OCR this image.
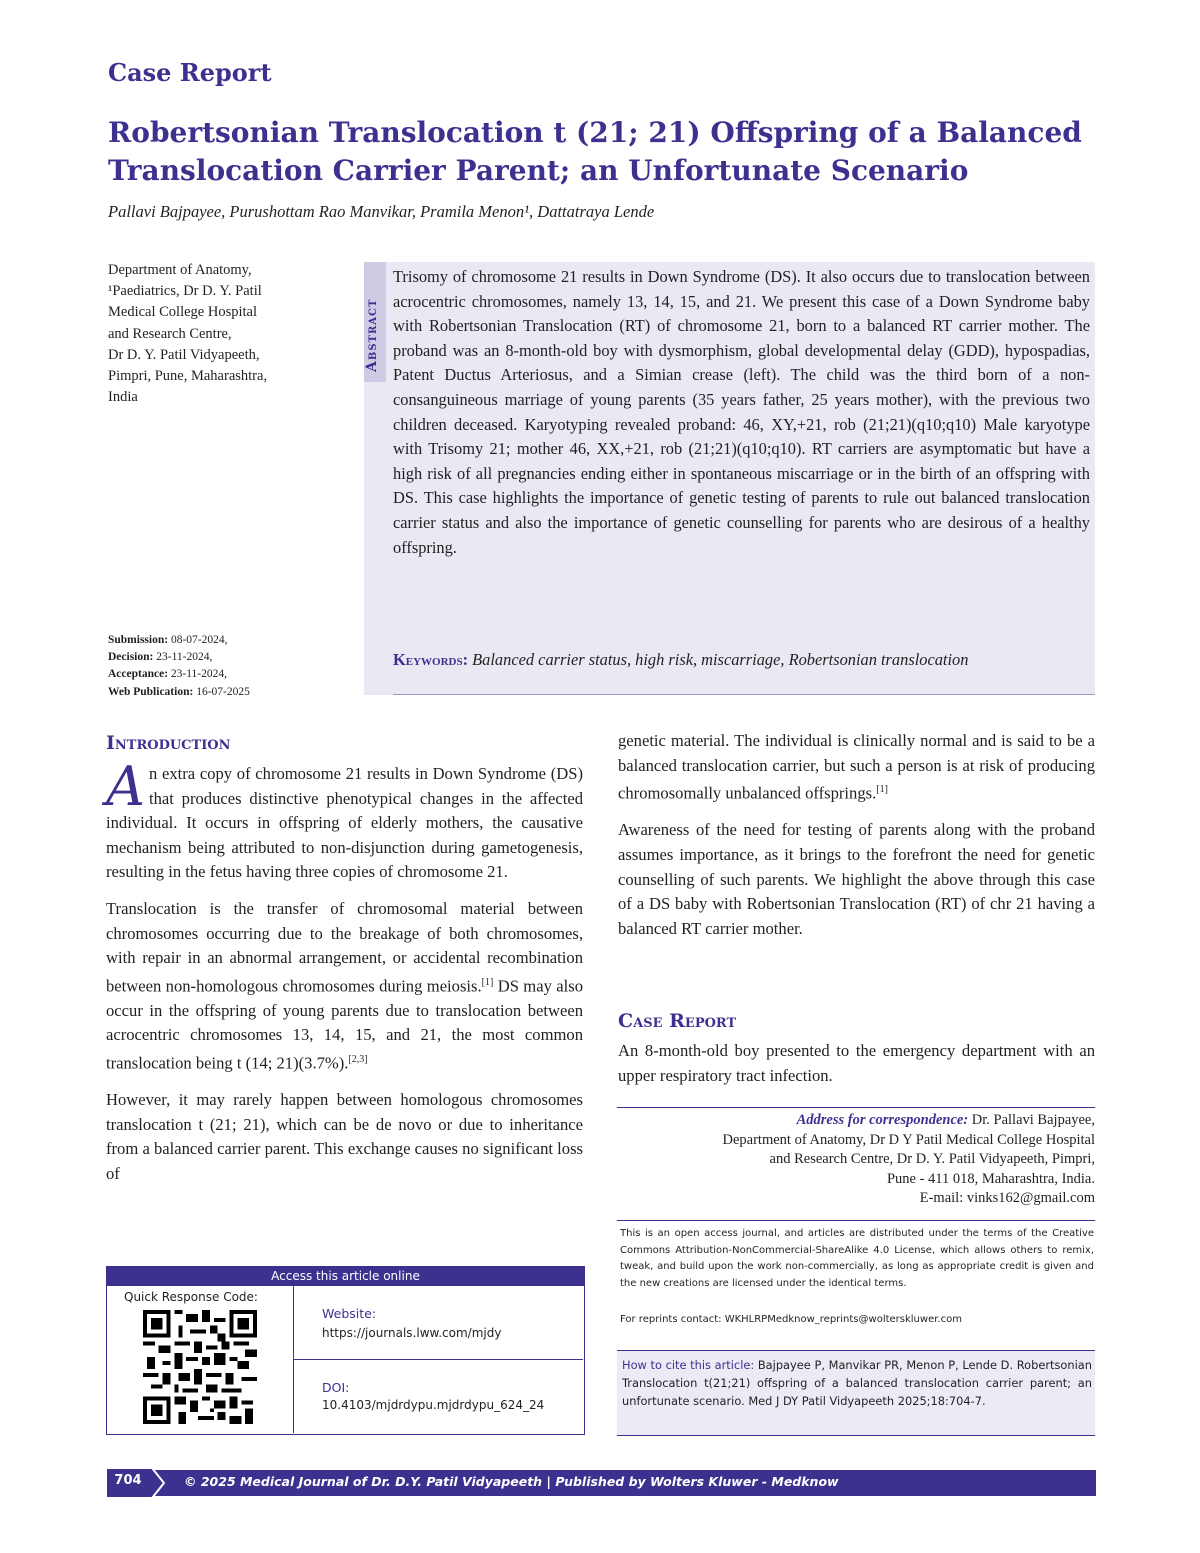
Case Report
Robertsonian Translocation t (21; 21) Offspring of a Balanced
Translocation Carrier Parent; an Unfortunate Scenario
Pallavi Bajpayee, Purushottam Rao Manvikar, Pramila Menon¹, Dattatraya Lende
Department of Anatomy,
¹Paediatrics, Dr D. Y. Patil
Medical College Hospital
and Research Centre,
Dr D. Y. Patil Vidyapeeth,
Pimpri, Pune, Maharashtra,
India
Submission: 08-07-2024,
Decision: 23-11-2024,
Acceptance: 23-11-2024,
Web Publication: 16-07-2025
Abstract
Trisomy of chromosome 21 results in Down Syndrome (DS). It also occurs due to translocation between acrocentric chromosomes, namely 13, 14, 15, and 21. We present this case of a Down Syndrome baby with Robertsonian Translocation (RT) of chromosome 21, born to a balanced RT carrier mother. The proband was an 8-month-old boy with dysmorphism, global developmental delay (GDD), hypospadias, Patent Ductus Arteriosus, and a Simian crease (left). The child was the third born of a non-consanguineous marriage of young parents (35 years father, 25 years mother), with the previous two children deceased. Karyotyping revealed proband: 46, XY,+21, rob (21;21)(q10;q10) Male karyotype with Trisomy 21; mother 46, XX,+21, rob (21;21)(q10;q10). RT carriers are asymptomatic but have a high risk of all pregnancies ending either in spontaneous miscarriage or in the birth of an offspring with DS. This case highlights the importance of genetic testing of parents to rule out balanced translocation carrier status and also the importance of genetic counselling for parents who are desirous of a healthy offspring.
Keywords: Balanced carrier status, high risk, miscarriage, Robertsonian translocation
Introduction

An extra copy of chromosome 21 results in Down Syndrome (DS) that produces distinctive phenotypical changes in the affected individual. It occurs in offspring of elderly mothers, the causative mechanism being attributed to non-disjunction during gametogenesis, resulting in the fetus having three copies of chromosome 21.

Translocation is the transfer of chromosomal material between chromosomes occurring due to the breakage of both chromosomes, with repair in an abnormal arrangement, or accidental recombination between non-homologous chromosomes during meiosis.[1] DS may also occur in the offspring of young parents due to translocation between acrocentric chromosomes 13, 14, 15, and 21, the most common translocation being t (14; 21)(3.7%).[2,3]

However, it may rarely happen between homologous chromosomes translocation t (21; 21), which can be de novo or due to inheritance from a balanced carrier parent. This exchange causes no significant loss of

genetic material. The individual is clinically normal and is said to be a balanced translocation carrier, but such a person is at risk of producing chromosomally unbalanced offsprings.[1]

Awareness of the need for testing of parents along with the proband assumes importance, as it brings to the forefront the need for genetic counselling of such parents. We highlight the above through this case of a DS baby with Robertsonian Translocation (RT) of chr 21 having a balanced RT carrier mother.

Case Report
An 8-month-old boy presented to the emergency department with an upper respiratory tract infection.
Address for correspondence: Dr. Pallavi Bajpayee,
Department of Anatomy, Dr D Y Patil Medical College Hospital
and Research Centre, Dr D. Y. Patil Vidyapeeth, Pimpri,
Pune - 411 018, Maharashtra, India.
E-mail: vinks162@gmail.com
This is an open access journal, and articles are distributed under the terms of the Creative Commons Attribution-NonCommercial-ShareAlike 4.0 License, which allows others to remix, tweak, and build upon the work non-commercially, as long as appropriate credit is given and the new creations are licensed under the identical terms.
For reprints contact: WKHLRPMedknow_reprints@wolterskluwer.com
How to cite this article: Bajpayee P, Manvikar PR, Menon P, Lende D. Robertsonian Translocation t(21;21) offspring of a balanced translocation carrier parent; an unfortunate scenario. Med J DY Patil Vidyapeeth 2025;18:704-7.
Access this article online
Quick Response Code:
Website:
https://journals.lww.com/mjdy
DOI:
10.4103/mjdrdypu.mjdrdypu_624_24
704	© 2025 Medical Journal of Dr. D.Y. Patil Vidyapeeth | Published by Wolters Kluwer - Medknow
